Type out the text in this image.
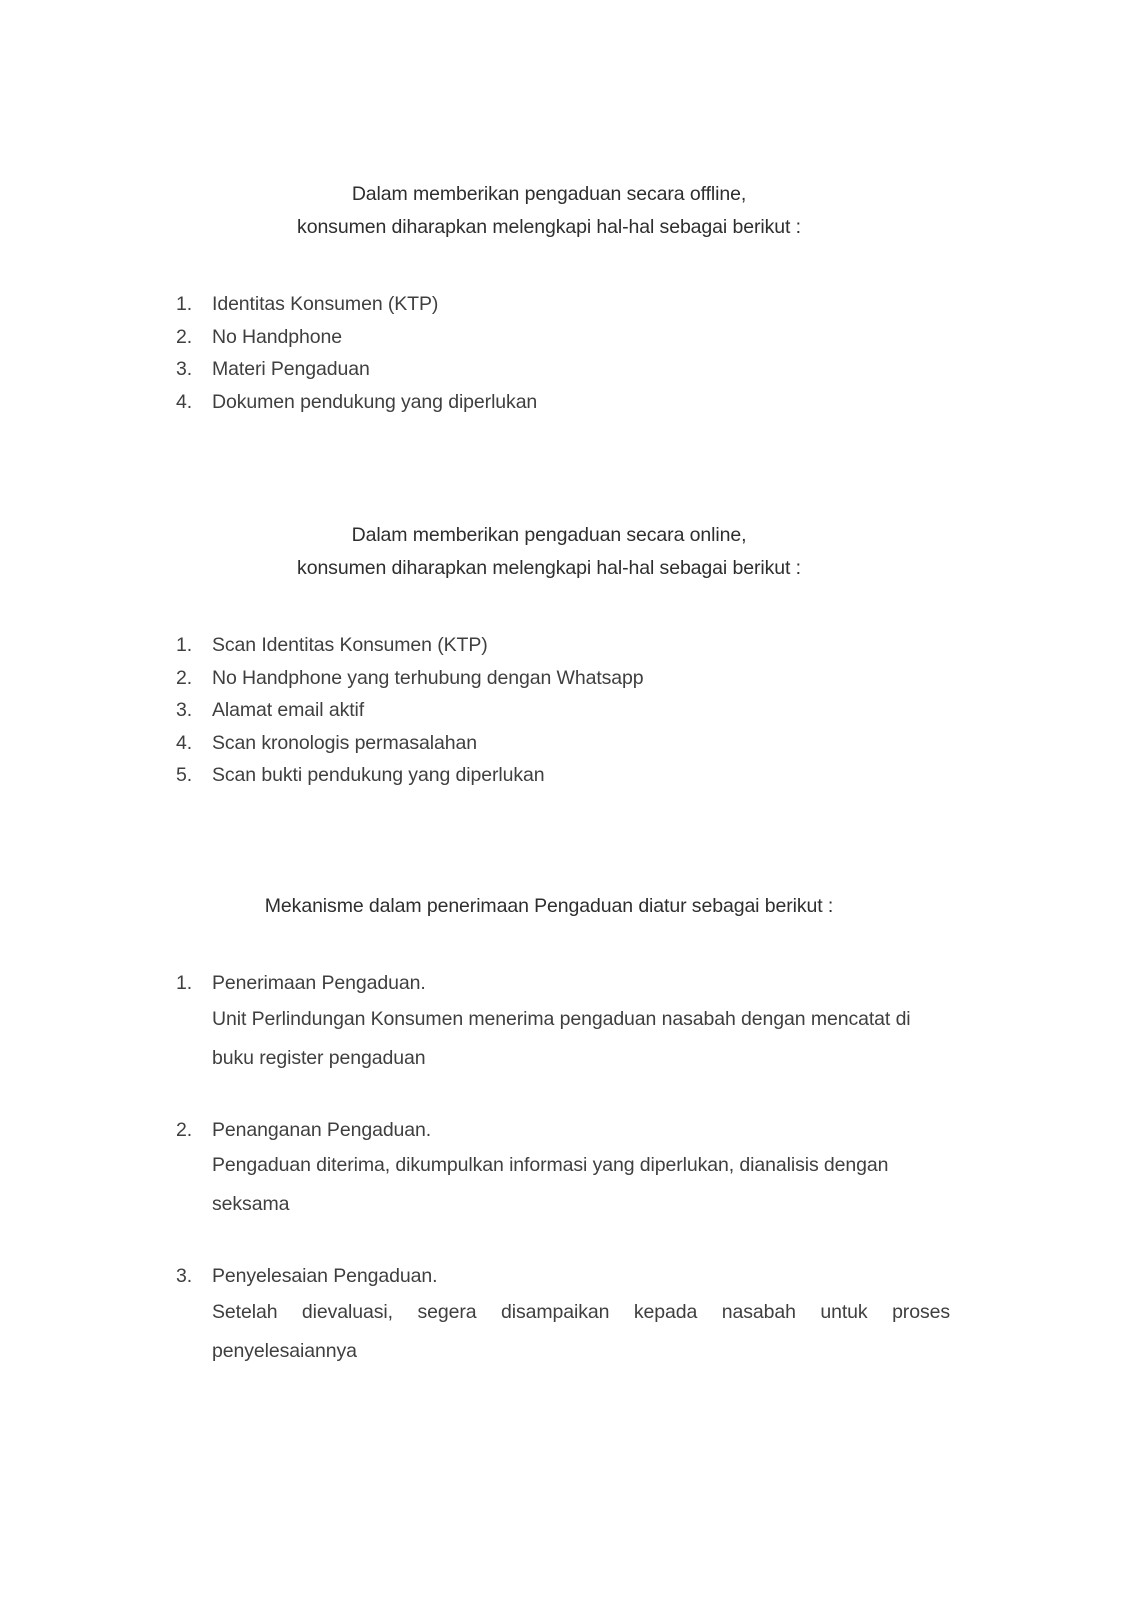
Dalam memberikan pengaduan secara offline,
konsumen diharapkan melengkapi hal-hal sebagai berikut :
1.	Identitas Konsumen (KTP)
2.	No Handphone
3.	Materi Pengaduan
4.	Dokumen pendukung yang diperlukan
Dalam memberikan pengaduan secara online,
konsumen diharapkan melengkapi hal-hal sebagai berikut :
1.	Scan Identitas Konsumen (KTP)
2.	No Handphone yang terhubung dengan Whatsapp
3.	Alamat email aktif
4.	Scan kronologis permasalahan
5.	Scan bukti pendukung yang diperlukan
Mekanisme dalam penerimaan Pengaduan diatur sebagai berikut :
1.	Penerimaan Pengaduan.
Unit Perlindungan Konsumen menerima pengaduan nasabah dengan mencatat di buku register pengaduan
2.	Penanganan Pengaduan.
Pengaduan diterima, dikumpulkan informasi yang diperlukan, dianalisis dengan seksama
3.	Penyelesaian Pengaduan.
Setelah dievaluasi, segera disampaikan kepada nasabah untuk proses penyelesaiannya
